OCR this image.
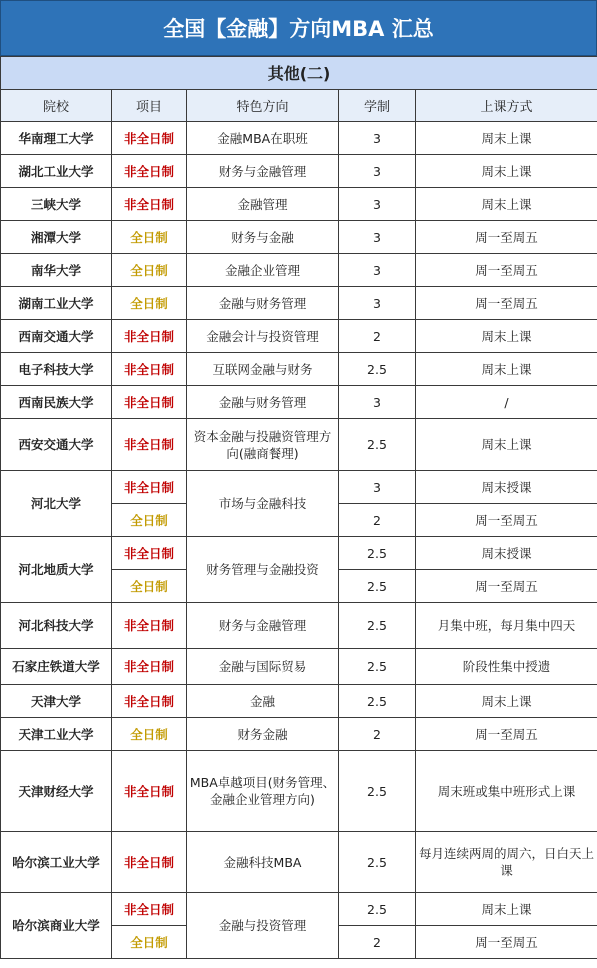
全国【金融】方向MBA 汇总
其他(二)				
院校	项目	特色方向	学制	上课方式
华南理工大学	非全日制	金融MBA在职班	3	周末上课
湖北工业大学	非全日制	财务与金融管理	3	周末上课
三峡大学	非全日制	金融管理	3	周末上课
湘潭大学	全日制	财务与金融	3	周一至周五
南华大学	全日制	金融企业管理	3	周一至周五
湖南工业大学	全日制	金融与财务管理	3	周一至周五
西南交通大学	非全日制	金融会计与投资管理	2	周末上课
电子科技大学	非全日制	互联网金融与财务	2.5	周末上课
西南民族大学	非全日制	金融与财务管理	3	/
西安交通大学	非全日制	资本金融与投融资管理方向(融商餐理)	2.5	周末上课
河北大学	非全日制	市场与金融科技	3	周末授课
	全日制		2	周一至周五
河北地质大学	非全日制	财务管理与金融投资	2.5	周末授课
	全日制		2.5	周一至周五
河北科技大学	非全日制	财务与金融管理	2.5	月集中班，每月集中四天
石家庄铁道大学	非全日制	金融与国际贸易	2.5	阶段性集中授遗
天津大学	非全日制	金融	2.5	周末上课
天津工业大学	全日制	财务金融	2	周一至周五
天津财经大学	非全日制	MBA卓越项目(财务管理、金融企业管理方向)	2.5	周末班或集中班形式上课
哈尔滨工业大学	非全日制	金融科技MBA	2.5	每月连续两周的周六，日白天上课
哈尔滨商业大学	非全日制	金融与投资管理	2.5	周末上课
	全日制		2	周一至周五
